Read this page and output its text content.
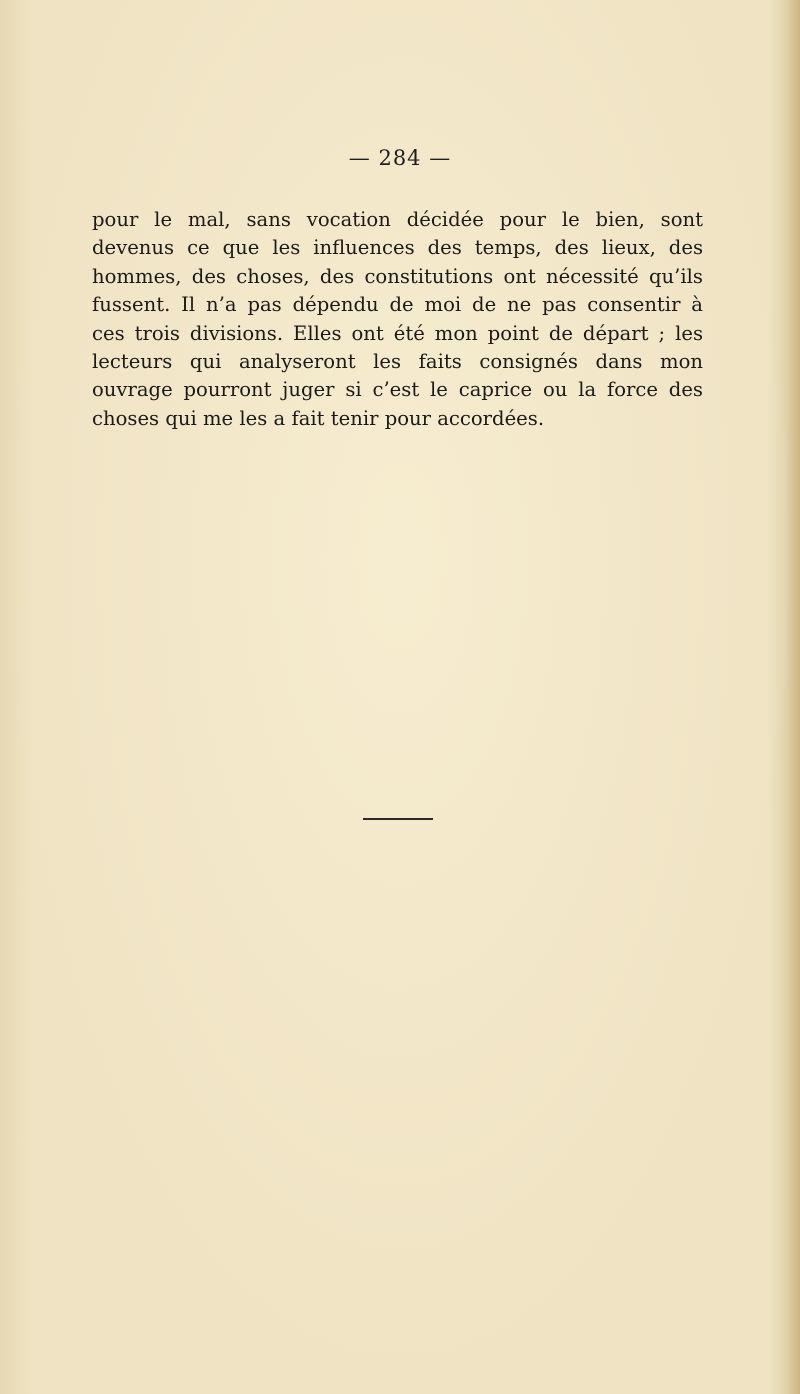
— 284 —
pour le mal, sans vocation décidée pour le bien, sont
devenus ce que les influences des temps, des lieux, des
hommes, des choses, des constitutions ont nécessité qu’ils
fussent. Il n’a pas dépendu de moi de ne pas consentir à
ces trois divisions. Elles ont été mon point de départ ; les
lecteurs qui analyseront les faits consignés dans mon
ouvrage pourront juger si c’est le caprice ou la force des
choses qui me les a fait tenir pour accordées.
